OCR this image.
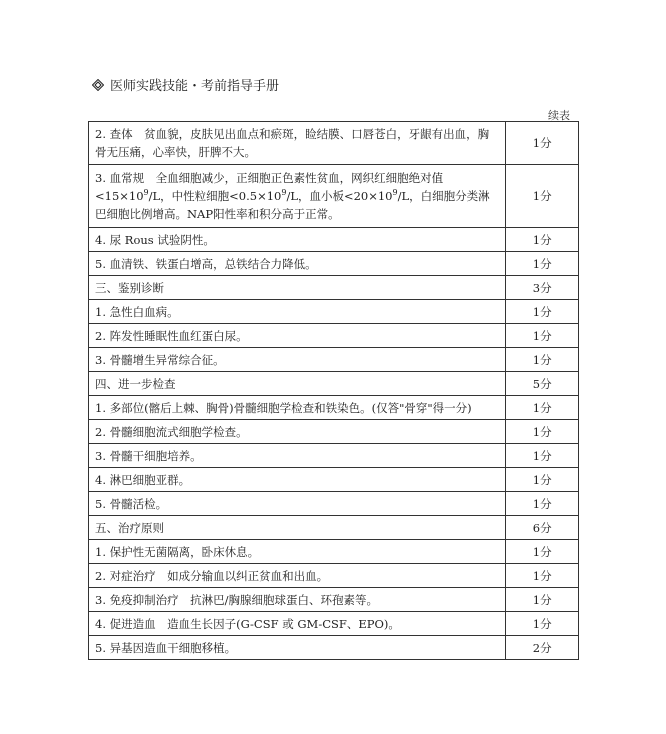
医师实践技能・考前指导手册
续表
2. 查体　贫血貌，皮肤见出血点和瘀斑，睑结膜、口唇苍白，牙龈有出血，胸骨无压痛，心率快，肝脾不大。	1分

3. 血常规　全血细胞减少，正细胞正色素性贫血，网织红细胞绝对值$<15\times 10^9/L$，中性粒细胞$<0.5\times 10^9/L$，血小板$<20\times 10^9/L$，白细胞分类淋巴细胞比例增高。NAP阳性率和积分高于正常。	1分
4. 尿 Rous 试验阴性。	1分
5. 血清铁、铁蛋白增高，总铁结合力降低。	1分
三、鉴别诊断	3分
1. 急性白血病。	1分
2. 阵发性睡眠性血红蛋白尿。	1分
3. 骨髓增生异常综合征。	1分
四、进一步检查	5分
1. 多部位(髂后上棘、胸骨)骨髓细胞学检查和铁染色。(仅答"骨穿"得一分)	1分
2. 骨髓细胞流式细胞学检查。	1分
3. 骨髓干细胞培养。	1分
4. 淋巴细胞亚群。	1分
5. 骨髓活检。	1分
五、治疗原则	6分
1. 保护性无菌隔离，卧床休息。	1分
2. 对症治疗　如成分输血以纠正贫血和出血。	1分
3. 免疫抑制治疗　抗淋巴/胸腺细胞球蛋白、环孢素等。	1分
4. 促进造血　造血生长因子(G-CSF 或 GM-CSF、EPO)。	1分
5. 异基因造血干细胞移植。	2分
